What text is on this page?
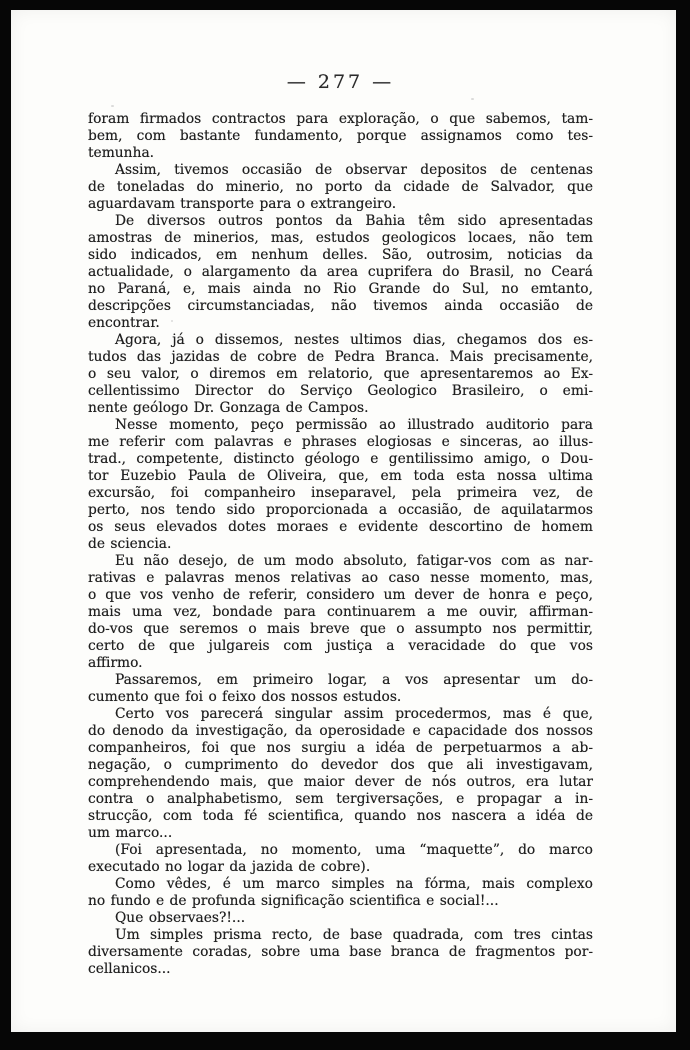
— 277 —
foram firmados contractos para exploração, o que sabemos, tam-
bem, com bastante fundamento, porque assignamos como tes-
temunha.
Assim, tivemos occasião de observar depositos de centenas
de toneladas do minerio, no porto da cidade de Salvador, que
aguardavam transporte para o extrangeiro.
De diversos outros pontos da Bahia têm sido apresentadas
amostras de minerios, mas, estudos geologicos locaes, não tem
sido indicados, em nenhum delles. São, outrosim, noticias da
actualidade, o alargamento da area cuprifera do Brasil, no Ceará
no Paraná, e, mais ainda no Rio Grande do Sul, no emtanto,
descripções circumstanciadas, não tivemos ainda occasião de
encontrar.
Agora, já o dissemos, nestes ultimos dias, chegamos dos es-
tudos das jazidas de cobre de Pedra Branca. Mais precisamente,
o seu valor, o diremos em relatorio, que apresentaremos ao Ex-
cellentissimo Director do Serviço Geologico Brasileiro, o emi-
nente geólogo Dr. Gonzaga de Campos.
Nesse momento, peço permissão ao illustrado auditorio para
me referir com palavras e phrases elogiosas e sinceras, ao illus-
trad., competente, distincto géologo e gentilissimo amigo, o Dou-
tor Euzebio Paula de Oliveira, que, em toda esta nossa ultima
excursão, foi companheiro inseparavel, pela primeira vez, de
perto, nos tendo sido proporcionada a occasião, de aquilatarmos
os seus elevados dotes moraes e evidente descortino de homem
de sciencia.
Eu não desejo, de um modo absoluto, fatigar-vos com as nar-
rativas e palavras menos relativas ao caso nesse momento, mas,
o que vos venho de referir, considero um dever de honra e peço,
mais uma vez, bondade para continuarem a me ouvir, affirman-
do-vos que seremos o mais breve que o assumpto nos permittir,
certo de que julgareis com justiça a veracidade do que vos
affirmo.
Passaremos, em primeiro logar, a vos apresentar um do-
cumento que foi o feixo dos nossos estudos.
Certo vos parecerá singular assim procedermos, mas é que,
do denodo da investigação, da operosidade e capacidade dos nossos
companheiros, foi que nos surgiu a idéa de perpetuarmos a ab-
negação, o cumprimento do devedor dos que ali investigavam,
comprehendendo mais, que maior dever de nós outros, era lutar
contra o analphabetismo, sem tergiversações, e propagar a in-
strucção, com toda fé scientifica, quando nos nascera a idéa de
um marco...
(Foi apresentada, no momento, uma “maquette”, do marco
executado no logar da jazida de cobre).
Como vêdes, é um marco simples na fórma, mais complexo
no fundo e de profunda significação scientifica e social!...
Que observaes?!...
Um simples prisma recto, de base quadrada, com tres cintas
diversamente coradas, sobre uma base branca de fragmentos por-
cellanicos...
